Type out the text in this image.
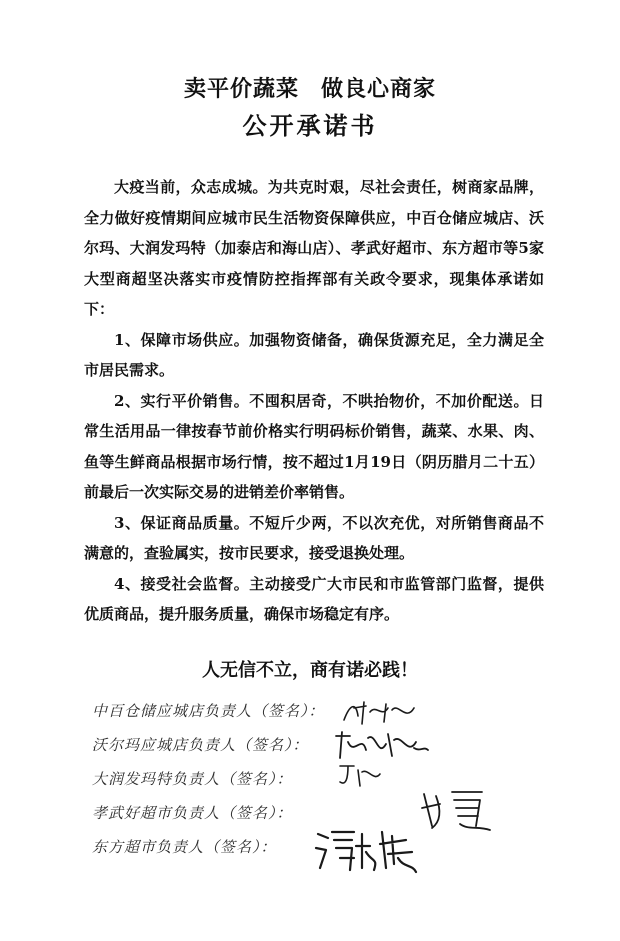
卖平价蔬菜 做良心商家
公开承诺书

大疫当前，众志成城。为共克时艰，尽社会责任，树商家品牌，全力做好疫情期间应城市民生活物资保障供应，中百仓储应城店、沃尔玛、大润发玛特（加泰店和海山店）、孝武好超市、东方超市等5家大型商超坚决落实市疫情防控指挥部有关政令要求，现集体承诺如下：

1、保障市场供应。加强物资储备，确保货源充足，全力满足全市居民需求。

2、实行平价销售。不囤积居奇，不哄抬物价，不加价配送。日常生活用品一律按春节前价格实行明码标价销售，蔬菜、水果、肉、鱼等生鲜商品根据市场行情，按不超过1月19日（阴历腊月二十五）前最后一次实际交易的进销差价率销售。

3、保证商品质量。不短斤少两，不以次充优，对所销售商品不满意的，查验属实，按市民要求，接受退换处理。

4、接受社会监督。主动接受广大市民和市监管部门监督，提供优质商品，提升服务质量，确保市场稳定有序。

人无信不立，商有诺必践！
中百仓储应城店负责人（签名）：
沃尔玛应城店负责人（签名）：
大润发玛特负责人（签名）：
孝武好超市负责人（签名）：
东方超市负责人（签名）：
